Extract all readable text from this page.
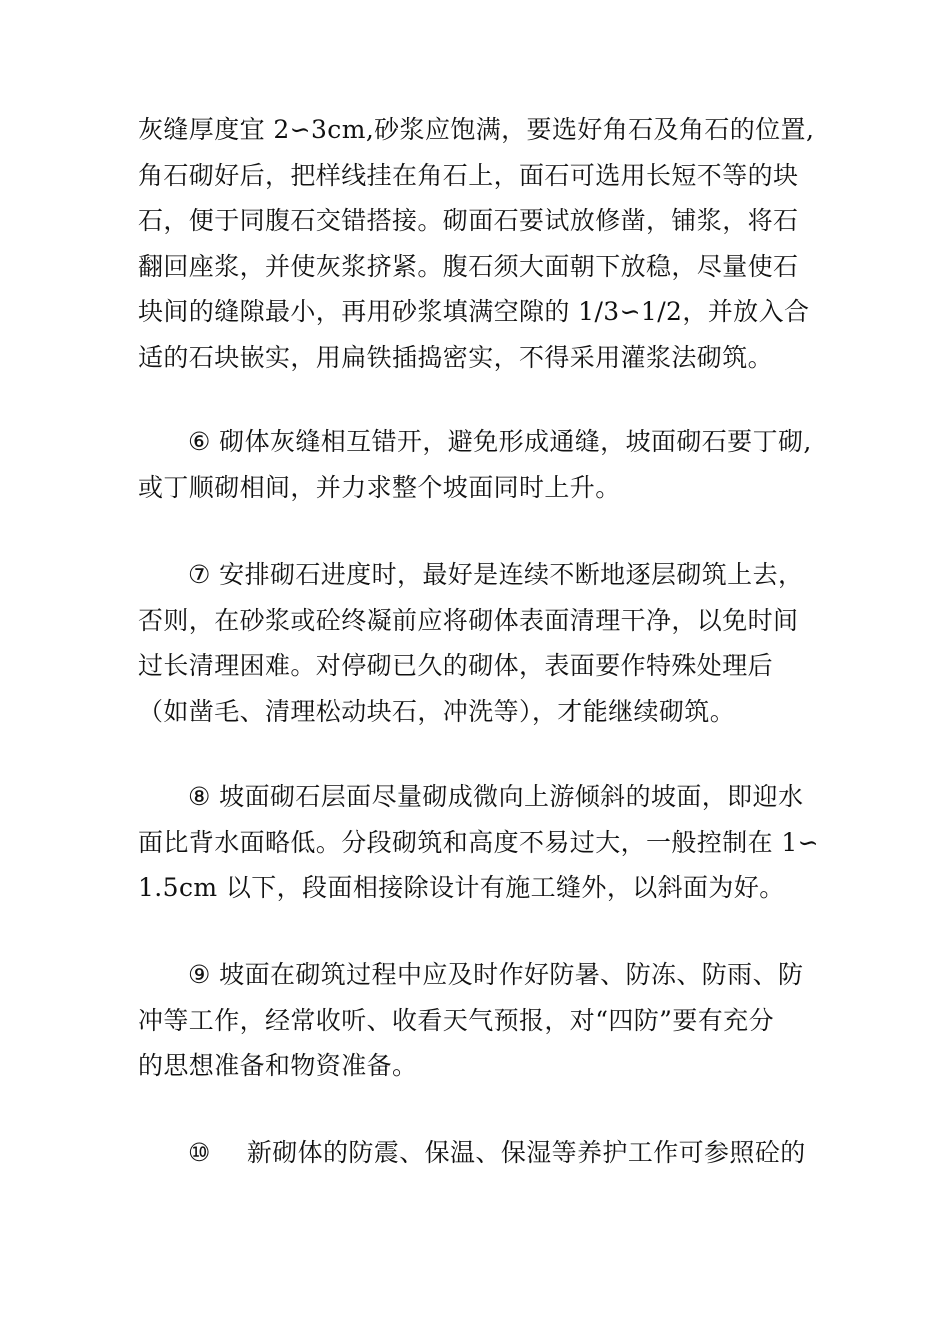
灰缝厚度宜 2∽3cm,砂浆应饱满，要选好角石及角石的位置,
角石砌好后，把样线挂在角石上，面石可选用长短不等的块
石，便于同腹石交错搭接。砌面石要试放修凿，铺浆，将石
翻回座浆，并使灰浆挤紧。腹石须大面朝下放稳，尽量使石
块间的缝隙最小，再用砂浆填满空隙的 1/3∽1/2，并放入合
适的石块嵌实，用扁铁插捣密实，不得采用灌浆法砌筑。
⑥ 砌体灰缝相互错开，避免形成通缝，坡面砌石要丁砌,
或丁顺砌相间，并力求整个坡面同时上升。
⑦ 安排砌石进度时，最好是连续不断地逐层砌筑上去，
否则，在砂浆或砼终凝前应将砌体表面清理干净，以免时间
过长清理困难。对停砌已久的砌体，表面要作特殊处理后
（如凿毛、清理松动块石，冲洗等），才能继续砌筑。
⑧ 坡面砌石层面尽量砌成微向上游倾斜的坡面，即迎水
面比背水面略低。分段砌筑和高度不易过大，一般控制在 1∽
1.5cm 以下，段面相接除设计有施工缝外，以斜面为好。
⑨ 坡面在砌筑过程中应及时作好防暑、防冻、防雨、防
冲等工作，经常收听、收看天气预报，对“四防”要有充分
的思想准备和物资准备。
⑩ 新砌体的防震、保温、保湿等养护工作可参照砼的
